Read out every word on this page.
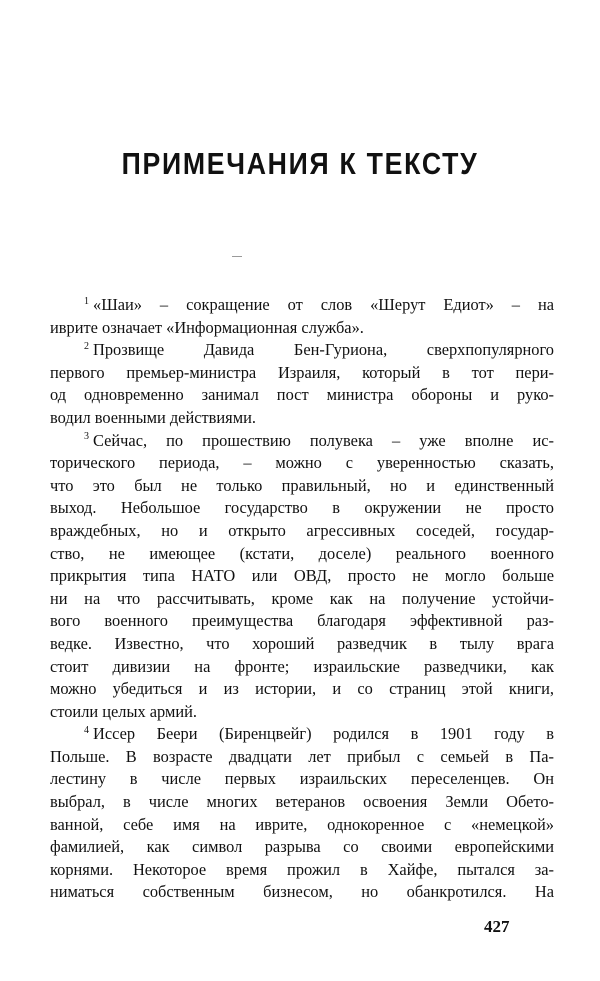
ПРИМЕЧАНИЯ К ТЕКСТУ
$^1$ «Шаи» – сокращение от слов «Шерут Едиот» – на
иврите означает «Информационная служба».
$^2$ Прозвище Давида Бен-Гуриона, сверхпопулярного
первого премьер-министра Израиля, который в тот пери-
од одновременно занимал пост министра обороны и руко-
водил военными действиями.
$^3$ Сейчас, по прошествию полувека – уже вполне ис-
торического периода, – можно с уверенностью сказать,
что это был не только правильный, но и единственный
выход. Небольшое государство в окружении не просто
враждебных, но и открыто агрессивных соседей, государ-
ство, не имеющее (кстати, доселе) реального военного
прикрытия типа НАТО или ОВД, просто не могло больше
ни на что рассчитывать, кроме как на получение устойчи-
вого военного преимущества благодаря эффективной раз-
ведке. Известно, что хороший разведчик в тылу врага
стоит дивизии на фронте; израильские разведчики, как
можно убедиться и из истории, и со страниц этой книги,
стоили целых армий.
$^4$ Иссер Беери (Биренцвейг) родился в 1901 году в
Польше. В возрасте двадцати лет прибыл с семьей в Па-
лестину в числе первых израильских переселенцев. Он
выбрал, в числе многих ветеранов освоения Земли Обето-
ванной, себе имя на иврите, однокоренное с «немецкой»
фамилией, как символ разрыва со своими европейскими
корнями. Некоторое время прожил в Хайфе, пытался за-
ниматься собственным бизнесом, но обанкротился. На

427
